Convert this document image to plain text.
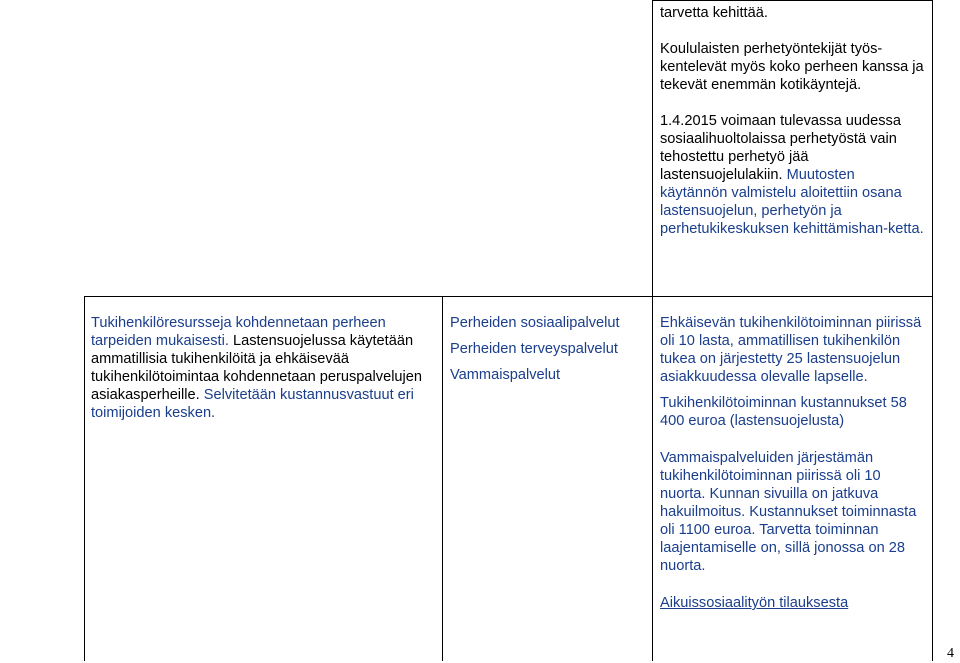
tarvetta kehittää.

Koululaisten perhetyöntekijät työs-kentelevät myös koko perheen kanssa ja tekevät enemmän kotikäyntejä.

1.4.2015 voimaan tulevassa uudessa sosiaalihuoltolaissa perhetyöstä vain tehostettu perhetyö jää lastensuojelulakiin. Muutosten käytännön valmistelu aloitettiin osana lastensuojelun, perhetyön ja perhetukikeskuksen kehittämishan-ketta.

Tukihenkilöresursseja kohdennetaan perheen tarpeiden mukaisesti. Lastensuojelussa käytetään ammatillisia tukihenkilöitä ja ehkäisevää tukihenkilötoimintaa kohdennetaan peruspalvelujen asiakasperheille. Selvitetään kustannusvastuut eri toimijoiden kesken.

Perheiden sosiaalipalvelut

Perheiden terveyspalvelut

Vammaispalvelut

Ehkäisevän tukihenkilötoiminnan piirissä oli 10 lasta, ammatillisen tukihenkilön tukea on järjestetty 25 lastensuojelun asiakkuudessa olevalle lapselle.

Tukihenkilötoiminnan kustannukset 58 400 euroa (lastensuojelusta)

Vammaispalveluiden järjestämän tukihenkilötoiminnan piirissä oli 10 nuorta. Kunnan sivuilla on jatkuva hakuilmoitus. Kustannukset toiminnasta oli 1100 euroa. Tarvetta toiminnan laajentamiselle on, sillä jonossa on 28 nuorta.

Aikuissosiaalityön tilauksesta

4
